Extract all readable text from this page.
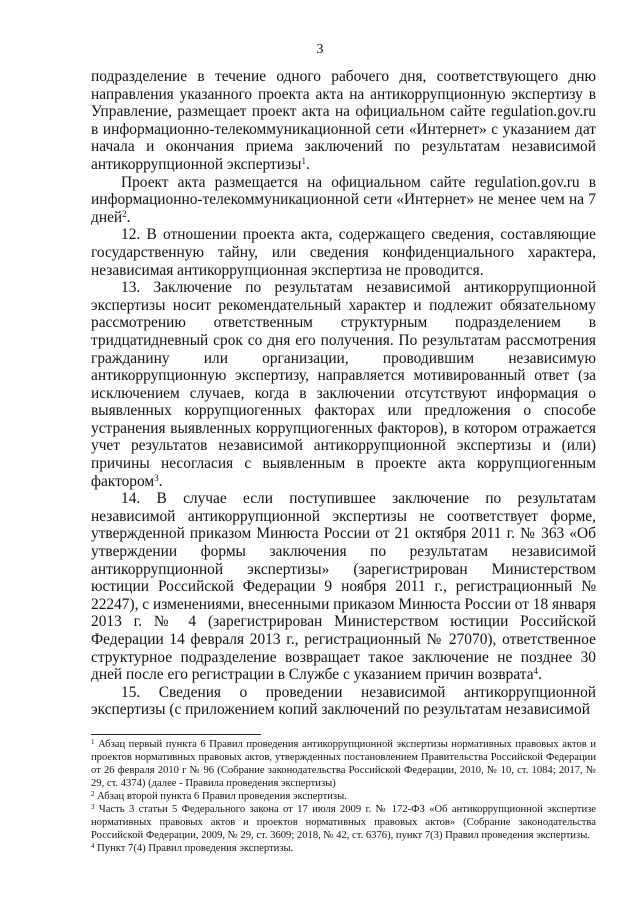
3

подразделение в течение одного рабочего дня, соответствующего дню направления указанного проекта акта на антикоррупционную экспертизу в Управление, размещает проект акта на официальном сайте regulation.gov.ru в информационно-телекоммуникационной сети «Интернет» с указанием дат начала и окончания приема заключений по результатам независимой антикоррупционной экспертизы$^1$.

Проект акта размещается на официальном сайте regulation.gov.ru в информационно-телекоммуникационной сети «Интернет» не менее чем на 7 дней$^2$.

12. В отношении проекта акта, содержащего сведения, составляющие государственную тайну, или сведения конфиденциального характера, независимая антикоррупционная экспертиза не проводится.

13. Заключение по результатам независимой антикоррупционной экспертизы носит рекомендательный характер и подлежит обязательному рассмотрению ответственным структурным подразделением в тридцатидневный срок со дня его получения. По результатам рассмотрения гражданину или организации, проводившим независимую антикоррупционную экспертизу, направляется мотивированный ответ (за исключением случаев, когда в заключении отсутствуют информация о выявленных коррупциогенных факторах или предложения о способе устранения выявленных коррупциогенных факторов), в котором отражается учет результатов независимой антикоррупционной экспертизы и (или) причины несогласия с выявленным в проекте акта коррупциогенным фактором$^3$.

14. В случае если поступившее заключение по результатам независимой антикоррупционной экспертизы не соответствует форме, утвержденной приказом Минюста России от 21 октября 2011 г. № 363 «Об утверждении формы заключения по результатам независимой антикоррупционной экспертизы» (зарегистрирован Министерством юстиции Российской Федерации 9 ноября 2011 г., регистрационный № 22247), с изменениями, внесенными приказом Минюста России от 18 января 2013 г. № 4 (зарегистрирован Министерством юстиции Российской Федерации 14 февраля 2013 г., регистрационный № 27070), ответственное структурное подразделение возвращает такое заключение не позднее 30 дней после его регистрации в Службе с указанием причин возврата$^4$.

15. Сведения о проведении независимой антикоррупционной экспертизы (с приложением копий заключений по результатам независимой

$^1$ Абзац первый пункта 6 Правил проведения антикоррупционной экспертизы нормативных правовых актов и проектов нормативных правовых актов, утвержденных постановлением Правительства Российской Федерации от 26 февраля 2010 г № 96 (Собрание законодательства Российской Федерации, 2010, № 10, ст. 1084; 2017, № 29, ст. 4374) (далее - Правила проведения экспертизы)

$^2$ Абзац второй пункта 6 Правил проведения экспертизы.

$^3$ Часть 3 статьи 5 Федерального закона от 17 июля 2009 г. № 172-ФЗ «Об антикоррупционной экспертизе нормативных правовых актов и проектов нормативных правовых актов» (Собрание законодательства Российской Федерации, 2009, № 29, ст. 3609; 2018, № 42, ст. 6376), пункт 7(3) Правил проведения экспертизы.

$^4$ Пункт 7(4) Правил проведения экспертизы.
